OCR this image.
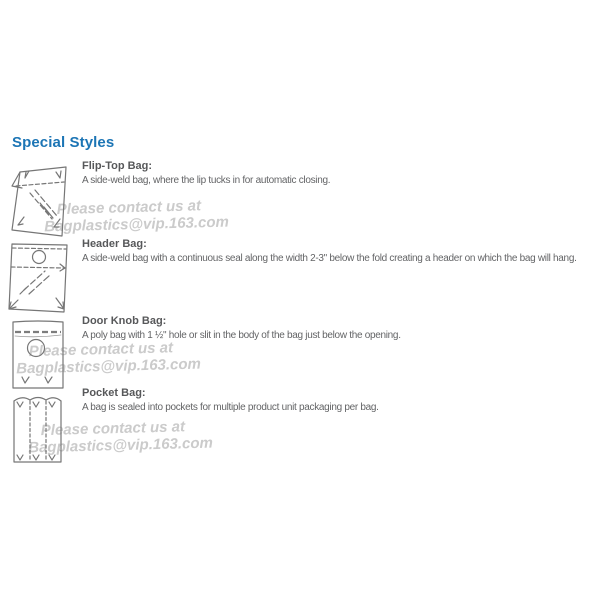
Special Styles
Please contact us at
Bagplastics@vip.163.com
Please contact us at
Bagplastics@vip.163.com
Please contact us at
Bagplastics@vip.163.com

Flip-Top Bag:

A side-weld bag, where the lip tucks in for automatic closing.

Header Bag:

A side-weld bag with a continuous seal along the width 2-3" below the fold creating a header on which the bag will hang.

Door Knob Bag:

A poly bag with 1 ½" hole or slit in the body of the bag just below the opening.

Pocket Bag:

A bag is sealed into pockets for multiple product unit packaging per bag.
